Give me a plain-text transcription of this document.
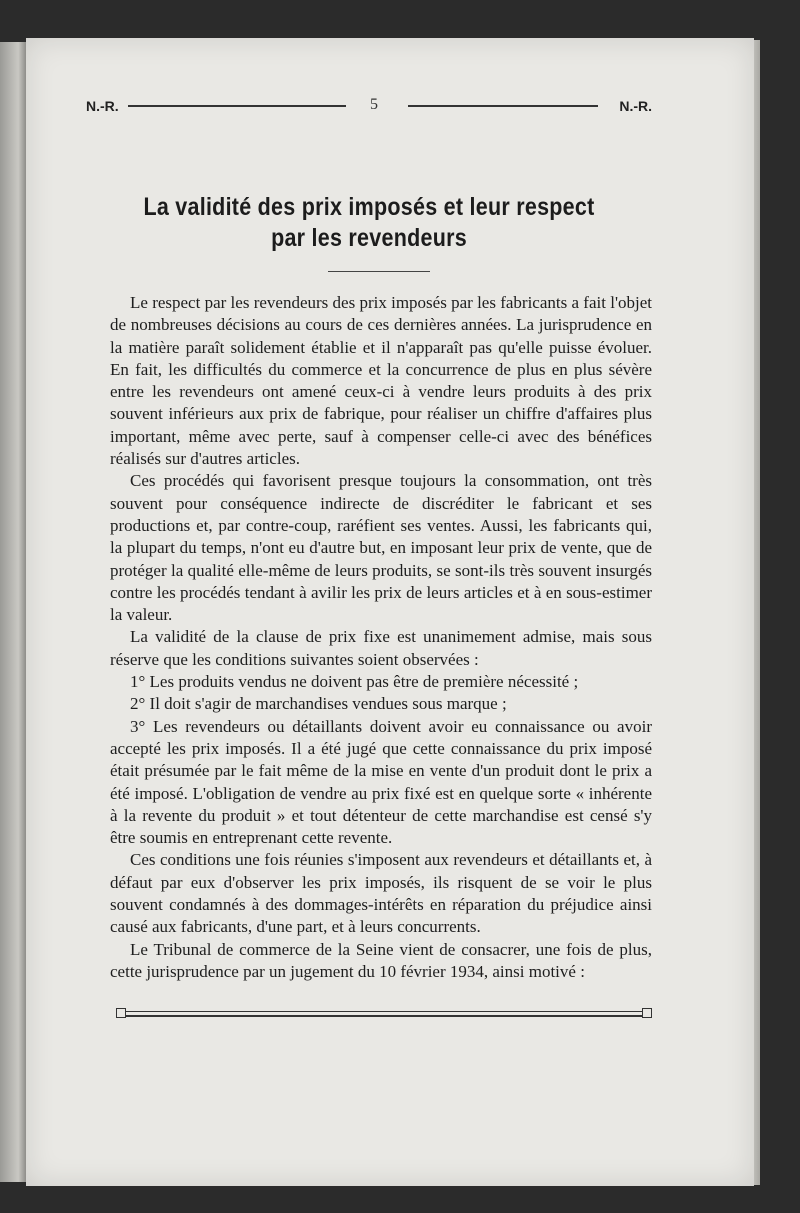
N.-R.	5	N.-R.
La validité des prix imposés et leur respect
par les revendeurs

Le respect par les revendeurs des prix imposés par les fabricants a fait l'objet de nombreuses décisions au cours de ces dernières années. La jurisprudence en la matière paraît solidement établie et il n'apparaît pas qu'elle puisse évoluer. En fait, les difficultés du commerce et la concurrence de plus en plus sévère entre les revendeurs ont amené ceux-ci à vendre leurs produits à des prix souvent inférieurs aux prix de fabrique, pour réaliser un chiffre d'affaires plus important, même avec perte, sauf à compenser celle-ci avec des bénéfices réalisés sur d'autres articles.

Ces procédés qui favorisent presque toujours la consommation, ont très souvent pour conséquence indirecte de discréditer le fabricant et ses productions et, par contre-coup, raréfient ses ventes. Aussi, les fabricants qui, la plupart du temps, n'ont eu d'autre but, en imposant leur prix de vente, que de protéger la qualité elle-même de leurs produits, se sont-ils très souvent insurgés contre les procédés tendant à avilir les prix de leurs articles et à en sous-estimer la valeur.

La validité de la clause de prix fixe est unanimement admise, mais sous réserve que les conditions suivantes soient observées :

1° Les produits vendus ne doivent pas être de première nécessité ;

2° Il doit s'agir de marchandises vendues sous marque ;

3° Les revendeurs ou détaillants doivent avoir eu connaissance ou avoir accepté les prix imposés. Il a été jugé que cette connaissance du prix imposé était présumée par le fait même de la mise en vente d'un produit dont le prix a été imposé. L'obligation de vendre au prix fixé est en quelque sorte « inhérente à la revente du produit » et tout détenteur de cette marchandise est censé s'y être soumis en entreprenant cette revente.

Ces conditions une fois réunies s'imposent aux revendeurs et détaillants et, à défaut par eux d'observer les prix imposés, ils risquent de se voir le plus souvent condamnés à des dommages-intérêts en réparation du préjudice ainsi causé aux fabricants, d'une part, et à leurs concurrents.

Le Tribunal de commerce de la Seine vient de consacrer, une fois de plus, cette jurisprudence par un jugement du 10 février 1934, ainsi motivé :
